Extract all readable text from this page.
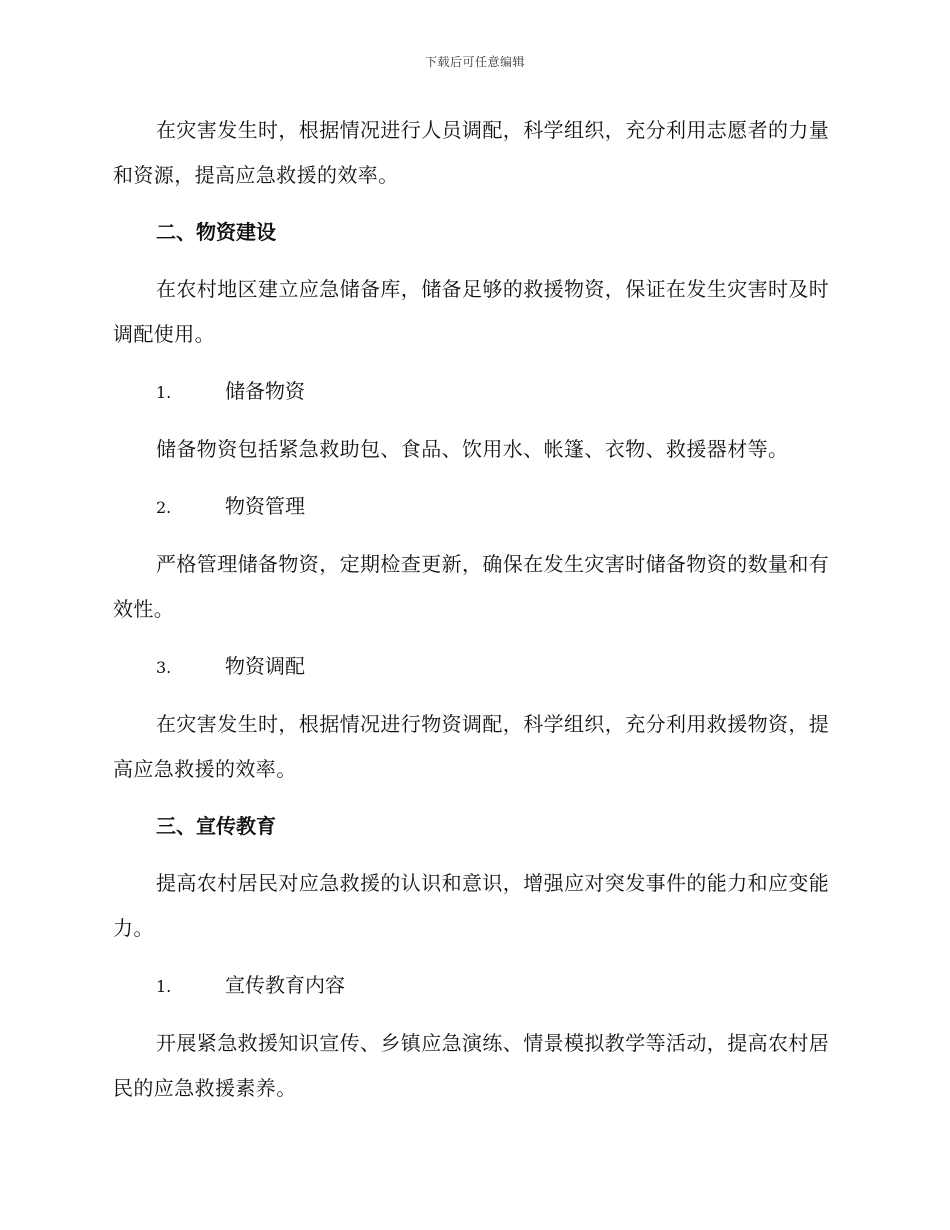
下载后可任意编辑

在灾害发生时，根据情况进行人员调配，科学组织，充分利用志愿者的力量和资源，提高应急救援的效率。

二、物资建设

在农村地区建立应急储备库，储备足够的救援物资，保证在发生灾害时及时调配使用。

1.	储备物资

储备物资包括紧急救助包、食品、饮用水、帐篷、衣物、救援器材等。

2.	物资管理

严格管理储备物资，定期检查更新，确保在发生灾害时储备物资的数量和有效性。

3.	物资调配

在灾害发生时，根据情况进行物资调配，科学组织，充分利用救援物资，提高应急救援的效率。

三、宣传教育

提高农村居民对应急救援的认识和意识，增强应对突发事件的能力和应变能力。

1.	宣传教育内容

开展紧急救援知识宣传、乡镇应急演练、情景模拟教学等活动，提高农村居民的应急救援素养。
